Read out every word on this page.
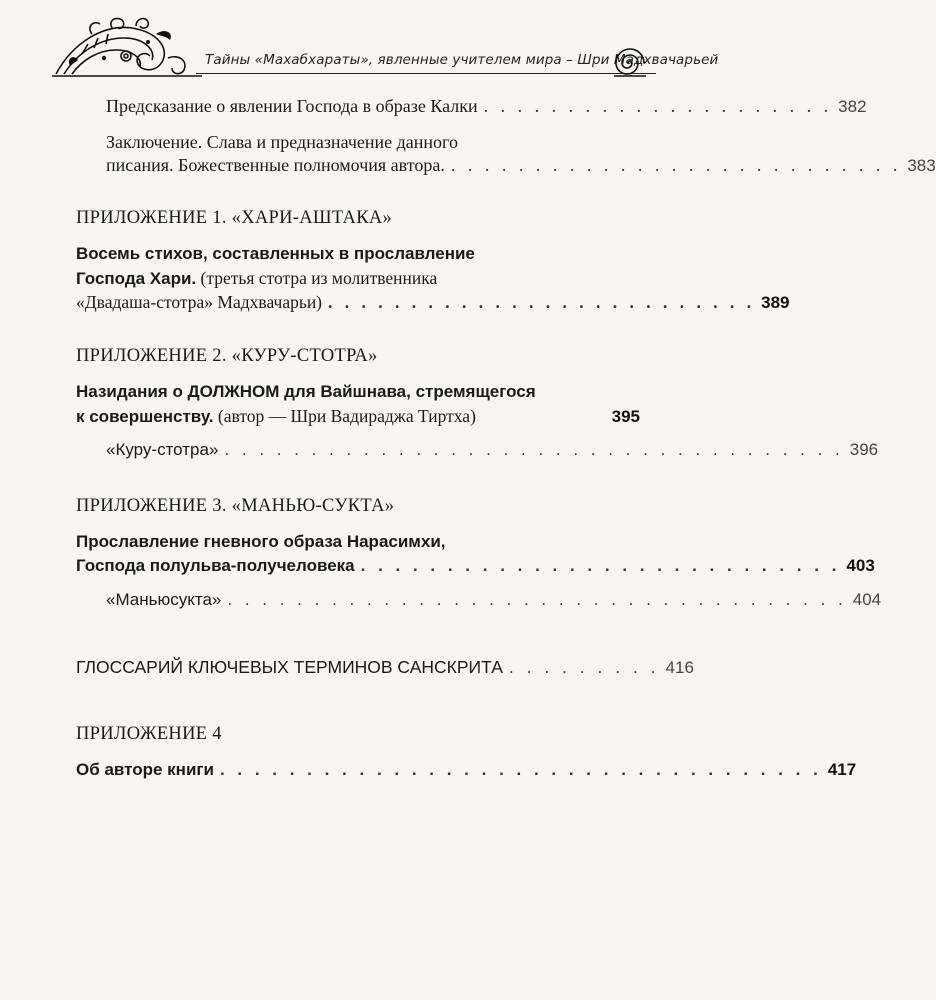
Тайны «Махабхараты», явленные учителем мира – Шри Мадхвачарьей
Предсказание о явлении Господа в образе Калки . . . . . . . . . . . . . . . . . . . . . 382
Заключение. Слава и предназначение данного
писания. Божественные полномочия автора. . . . . . . . . . . . . . . . . . . . . . . . . . . . 383
ПРИЛОЖЕНИЕ 1. «ХАРИ-АШТАКА»
Восемь стихов, составленных в прославление
Господа Хари. (третья стотра из молитвенника
«Двадаша-стотра» Мадхвачарьи) . . . . . . . . . . . . . . . . . . . . . . . . . . 389
ПРИЛОЖЕНИЕ 2. «КУРУ-СТОТРА»
Назидания о ДОЛЖНОМ для Вайшнава, стремящегося
к совершенству. (автор — Шри Вадираджа Тиртха)	395
«Куру-стотра» . . . . . . . . . . . . . . . . . . . . . . . . . . . . . . . . . . . . 396
ПРИЛОЖЕНИЕ 3. «МАНЬЮ-СУКТА»
Прославление гневного образа Нарасимхи,
Господа полульва-получеловека . . . . . . . . . . . . . . . . . . . . . . . . . . . . 403
«Маньюсукта» . . . . . . . . . . . . . . . . . . . . . . . . . . . . . . . . . . . . 404
ГЛОССАРИЙ КЛЮЧЕВЫХ ТЕРМИНОВ САНСКРИТА . . . . . . . . . 416
ПРИЛОЖЕНИЕ 4
Об авторе книги . . . . . . . . . . . . . . . . . . . . . . . . . . . . . . . . . . . 417
